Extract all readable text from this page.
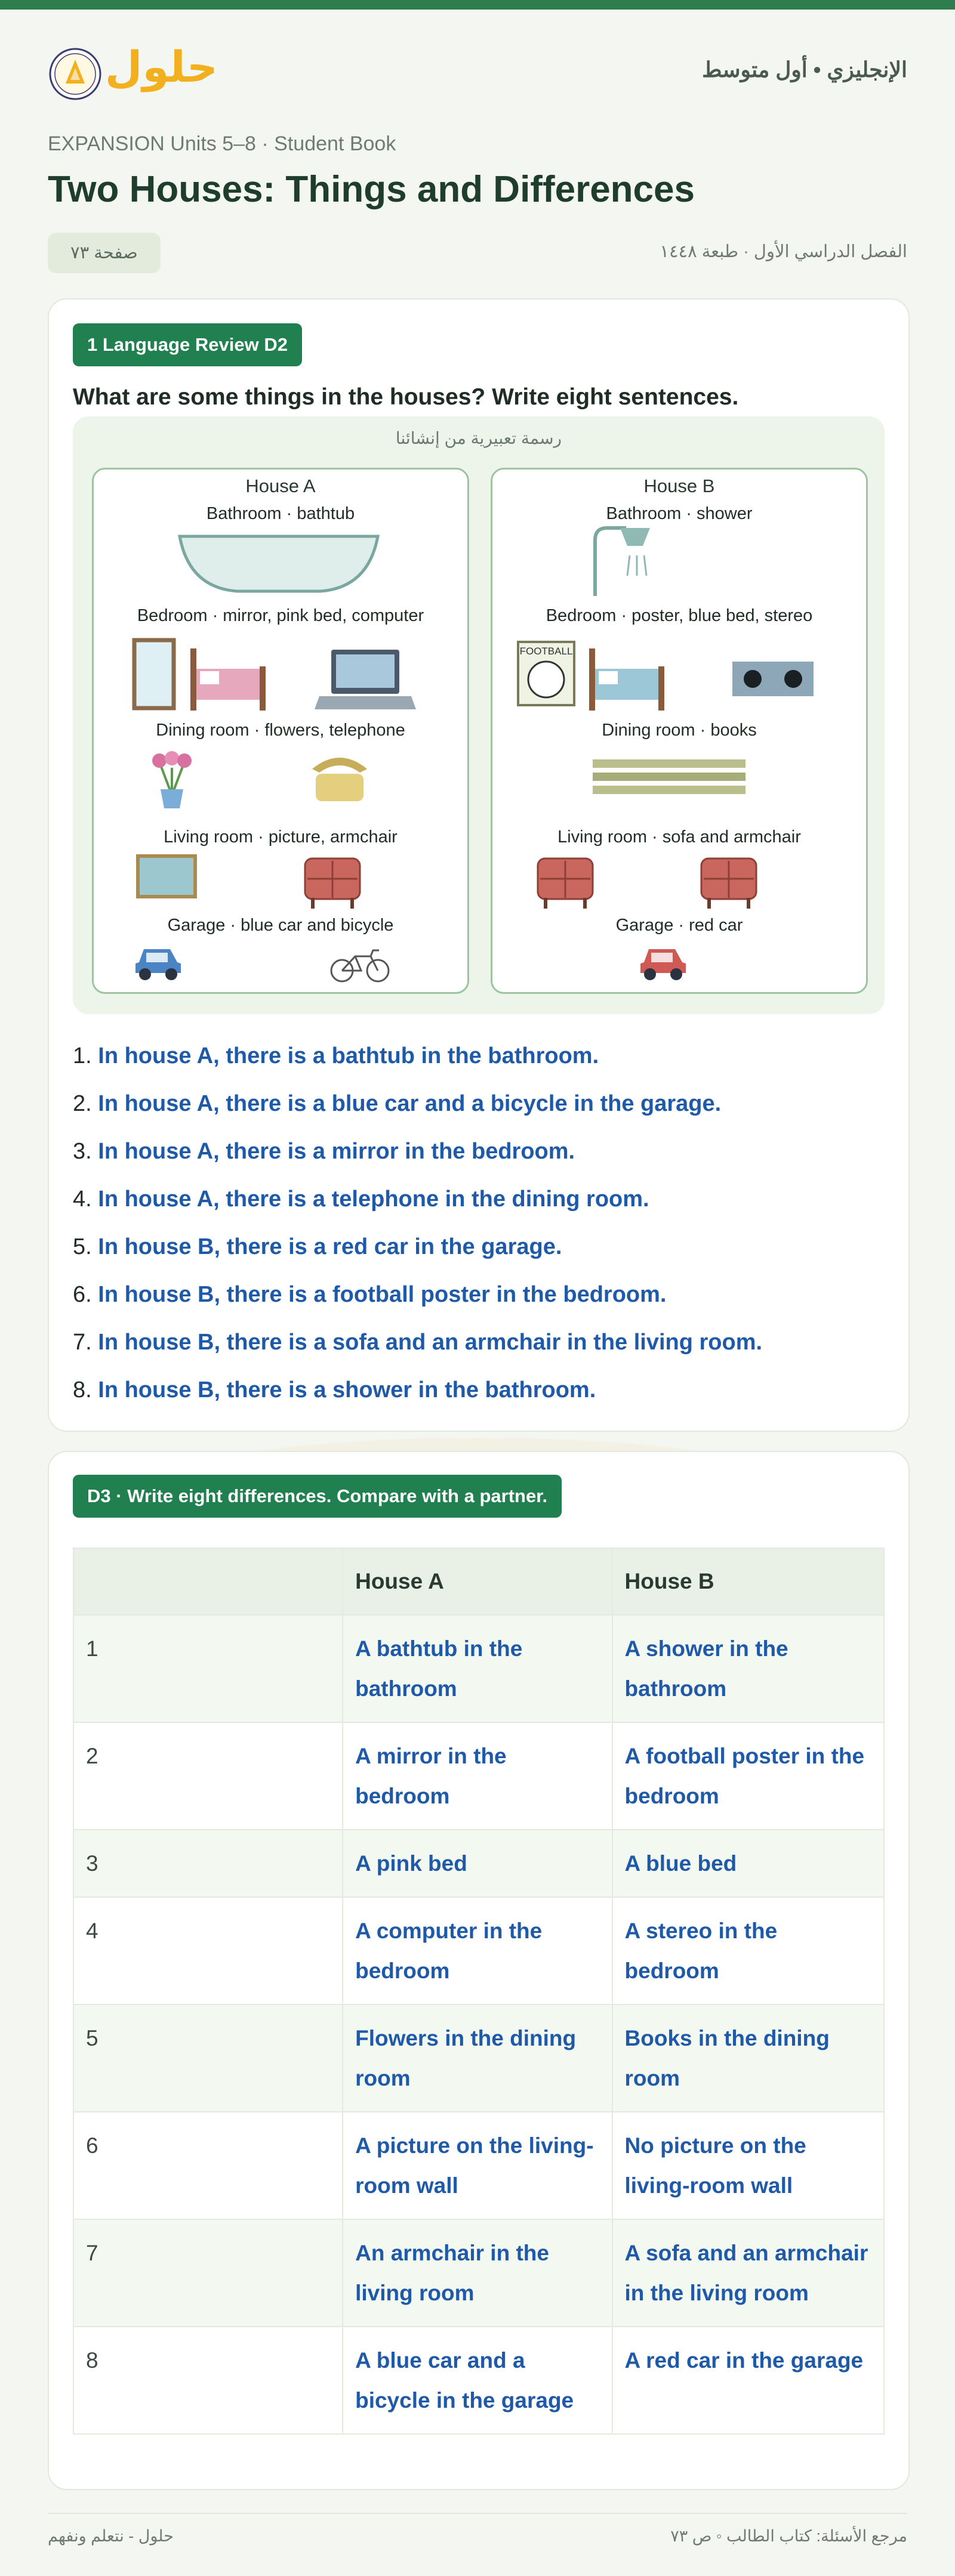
حلول	الإنجليزي • أول متوسط
EXPANSION Units 5–8 · Student Book
Two Houses: Things and Differences
صفحة ٧٣	الفصل الدراسي الأول · طبعة ١٤٤٨
1 Language Review D2
What are some things in the houses? Write eight sentences.
رسمة تعبيرية من إنشائنا
House A
Bathroom · bathtub
Bedroom · mirror, pink bed, computer
Dining room · flowers, telephone
Living room · picture, armchair
Garage · blue car and bicycle
House B
Bathroom · shower
Bedroom · poster, blue bed, stereo
FOOTBALL
Dining room · books
Living room · sofa and armchair
Garage · red car
1. In house A, there is a bathtub in the bathroom.
2. In house A, there is a blue car and a bicycle in the garage.
3. In house A, there is a mirror in the bedroom.
4. In house A, there is a telephone in the dining room.
5. In house B, there is a red car in the garage.
6. In house B, there is a football poster in the bedroom.
7. In house B, there is a sofa and an armchair in the living room.
8. In house B, there is a shower in the bathroom.
D3 · Write eight differences. Compare with a partner.
	House A	House B
1	A bathtub in the bathroom	A shower in the bathroom
2	A mirror in the bedroom	A football poster in the bedroom
3	A pink bed	A blue bed
4	A computer in the bedroom	A stereo in the bedroom
5	Flowers in the dining room	Books in the dining room
6	A picture on the living-room wall	No picture on the living-room wall
7	An armchair in the living room	A sofa and an armchair in the living room
8	A blue car and a bicycle in the garage	A red car in the garage
حلول - نتعلم ونفهم	مرجع الأسئلة: كتاب الطالب ◦ ص ٧٣
